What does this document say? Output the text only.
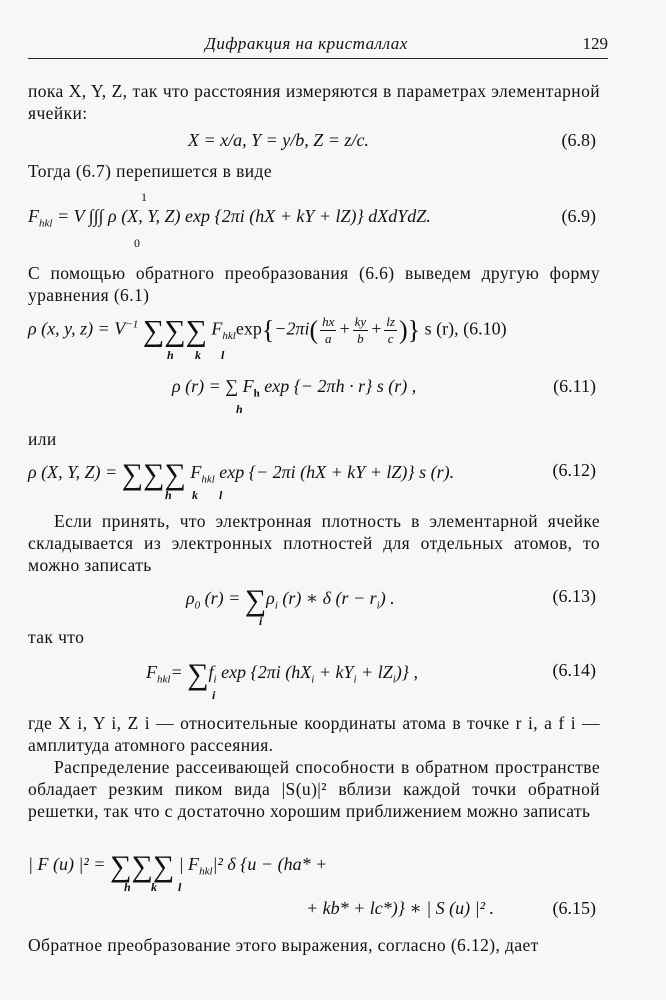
Дифракция на кристаллах	129
пока X, Y, Z, так что расстояния измеряются в параметрах элементарной ячейки:
X = x/a, Y = y/b, Z = z/c.	(6.8)
Тогда (6.7) перепишется в виде
1
$F_{hkl} = V$ ∫∫∫ ρ (X, Y, Z) exp {2πi (hX + kY + lZ)} dXdYdZ.
0
(6.9)
С помощью обратного преобразования (6.6) выведем другую форму уравнения (6.1)
ρ (x, y, $z) = V^{-1}$ ∑∑∑ $F_{hkl}\exp\{-2\pi i( \frac{hx}{a} + \frac{ky}{b} + \frac{lz}{c}$ )} s (r), (6.10)
h k l
ρ (r) = ∑ $F_h$ exp {− 2πh · r} s (r) ,
h
(6.11)
или
ρ (X, Y, Z) = ∑∑∑ $F_{hkl}$ exp {− 2πi (hX + kY + lZ)} s (r).
h k l
(6.12)
Если принять, что электронная плотность в элементарной ячейке складывается из электронных плотностей для отдельных атомов, то можно записать
$\rho_0$ $(r) = \sum\rho_i$ (r) ∗ δ $(r - r_i)$ .
i
(6.13)
так что
$F_{hkl}= \sum f_i$ exp {2πi $(hX_i + kY_i + lZ_i)$} ,
i
(6.14)
где X i, Y i, Z i — относительные координаты атома в точке r i, а f i — амплитуда атомного рассеяния.
Распределение рассеивающей способности в обратном пространстве обладает резким пиком вида |S(u)|² вблизи каждой точки обратной решетки, так что с достаточно хорошим приближением можно записать
| F (u) |² = ∑∑∑ | $F_{hkl}|^2$ δ {u − (ha* +
h k l
+ kb* + lc*)} ∗ | S (u) |² .	(6.15)
Обратное преобразование этого выражения, согласно (6.12), дает
